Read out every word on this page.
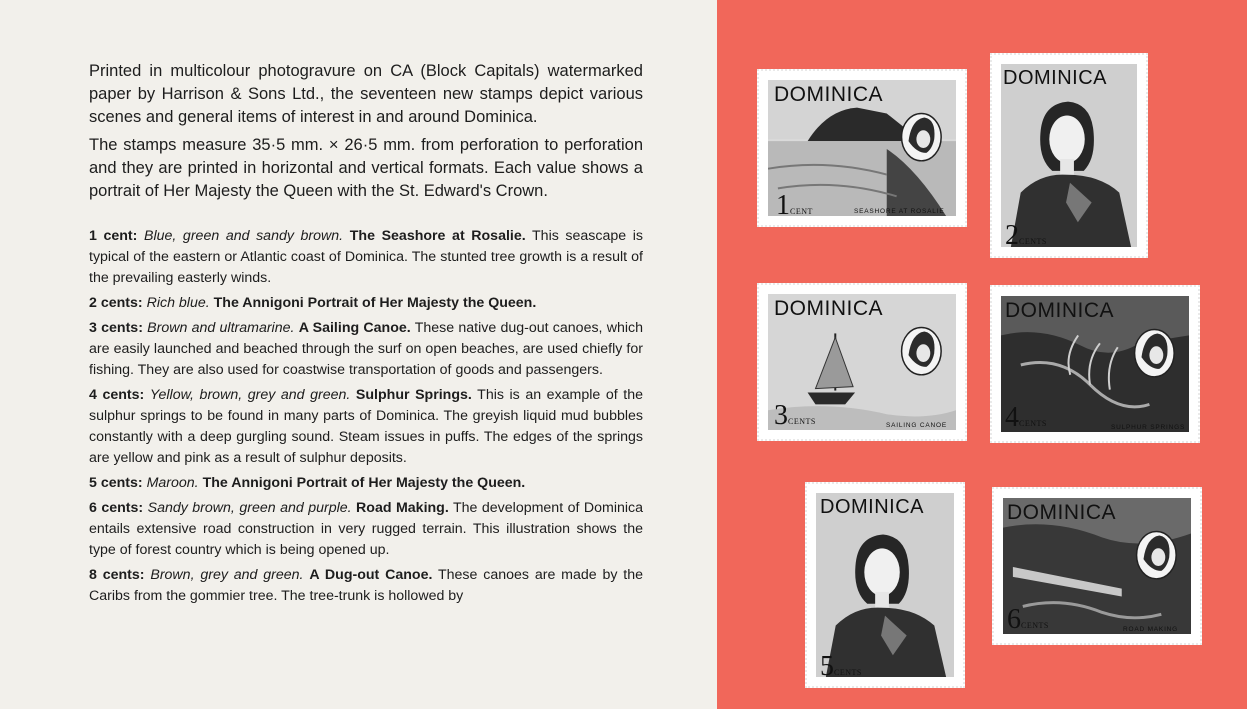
Printed in multicolour photogravure on CA (Block Capitals) watermarked paper by Harrison & Sons Ltd., the seventeen new stamps depict various scenes and general items of interest in and around Dominica.

The stamps measure 35·5 mm. × 26·5 mm. from perforation to perforation and they are printed in horizontal and vertical formats. Each value shows a portrait of Her Majesty the Queen with the St. Edward's Crown.

1 cent: Blue, green and sandy brown. The Seashore at Rosalie. This seascape is typical of the eastern or Atlantic coast of Dominica. The stunted tree growth is a result of the prevailing easterly winds.

2 cents: Rich blue. The Annigoni Portrait of Her Majesty the Queen.

3 cents: Brown and ultramarine. A Sailing Canoe. These native dug-out canoes, which are easily launched and beached through the surf on open beaches, are used chiefly for fishing. They are also used for coastwise transportation of goods and passengers.

4 cents: Yellow, brown, grey and green. Sulphur Springs. This is an example of the sulphur springs to be found in many parts of Dominica. The greyish liquid mud bubbles constantly with a deep gurgling sound. Steam issues in puffs. The edges of the springs are yellow and pink as a result of sulphur deposits.

5 cents: Maroon. The Annigoni Portrait of Her Majesty the Queen.

6 cents: Sandy brown, green and purple. Road Making. The development of Dominica entails extensive road construction in very rugged terrain. This illustration shows the type of forest country which is being opened up.

8 cents: Brown, grey and green. A Dug-out Canoe. These canoes are made by the Caribs from the gommier tree. The tree-trunk is hollowed by

DOMINICA
1CENT	SEASHORE AT ROSALIE
DOMINICA
2CENTS
DOMINICA
3CENTS	SAILING CANOE
DOMINICA
4CENTS	SULPHUR SPRINGS
DOMINICA
5CENTS
DOMINICA
6CENTS	ROAD MAKING
